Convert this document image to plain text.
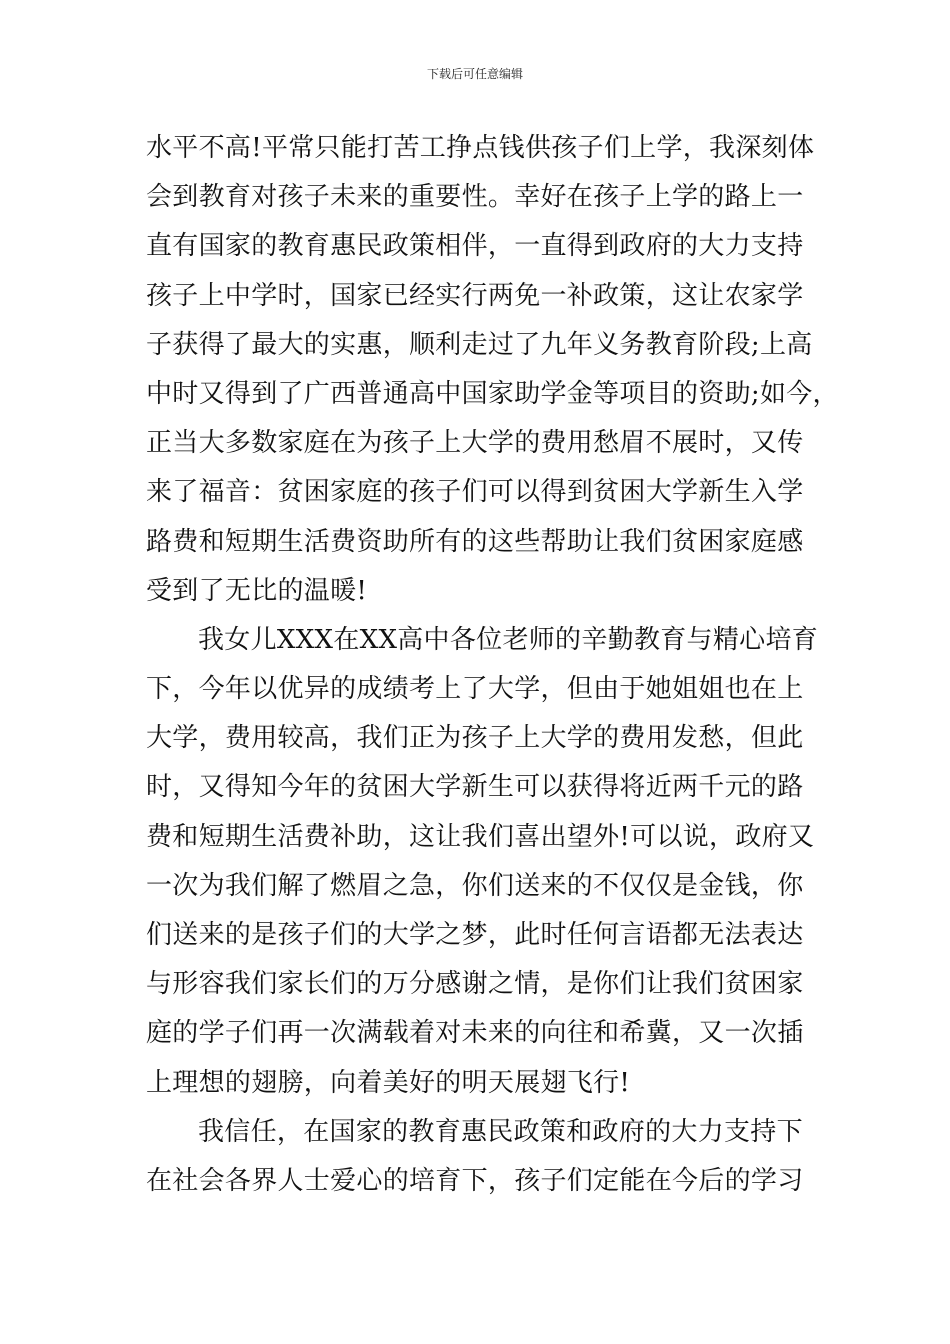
下载后可任意编辑
水平不高!平常只能打苦工挣点钱供孩子们上学，我深刻体
会到教育对孩子未来的重要性。幸好在孩子上学的路上一
直有国家的教育惠民政策相伴，一直得到政府的大力支持
孩子上中学时，国家已经实行两免一补政策，这让农家学
子获得了最大的实惠，顺利走过了九年义务教育阶段;上高
中时又得到了广西普通高中国家助学金等项目的资助;如今，
正当大多数家庭在为孩子上大学的费用愁眉不展时，又传
来了福音：贫困家庭的孩子们可以得到贫困大学新生入学
路费和短期生活费资助所有的这些帮助让我们贫困家庭感
受到了无比的温暖!
我女儿XXX在XX高中各位老师的辛勤教育与精心培育
下，今年以优异的成绩考上了大学，但由于她姐姐也在上
大学，费用较高，我们正为孩子上大学的费用发愁，但此
时，又得知今年的贫困大学新生可以获得将近两千元的路
费和短期生活费补助，这让我们喜出望外!可以说，政府又
一次为我们解了燃眉之急，你们送来的不仅仅是金钱，你
们送来的是孩子们的大学之梦，此时任何言语都无法表达
与形容我们家长们的万分感谢之情，是你们让我们贫困家
庭的学子们再一次满载着对未来的向往和希冀，又一次插
上理想的翅膀，向着美好的明天展翅飞行!
我信任，在国家的教育惠民政策和政府的大力支持下
在社会各界人士爱心的培育下，孩子们定能在今后的学习
